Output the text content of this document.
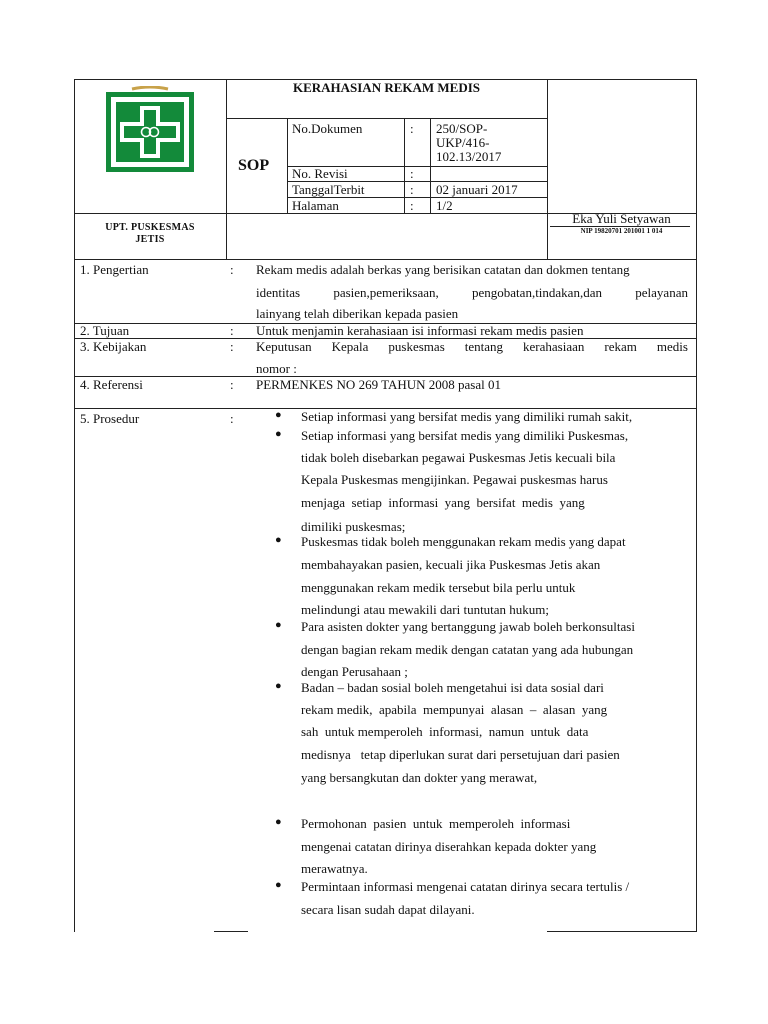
KERAHASIAN REKAM MEDIS
SOP
No.Dokumen	: 250/SOP-
UKP/416-
102.13/2017
No. Revisi	:
TanggalTerbit	: 02 januari 2017
Halaman	: 1/2
UPT. PUSKESMAS
JETIS
Eka Yuli Setyawan
NIP 19820701 201001 1 014
1. Pengertian	: Rekam medis adalah berkas yang berisikan catatan dan dokmen tentang
identitas	pasien,pemeriksaan,	pengobatan,tindakan,dan	pelayanan
lainyang telah diberikan kepada pasien
2. Tujuan	: Untuk menjamin kerahasiaan isi informasi rekam medis pasien
3. Kebijakan	: Keputusan Kepala puskesmas tentang kerahasiaan rekam medis
nomor :
4. Referensi	: PERMENKES NO 269 TAHUN 2008 pasal 01
5. Prosedur	:	● Setiap informasi yang bersifat medis yang dimiliki rumah sakit,
● Setiap informasi yang bersifat medis yang dimiliki Puskesmas,
tidak boleh disebarkan pegawai Puskesmas Jetis kecuali bila
Kepala Puskesmas mengijinkan. Pegawai puskesmas harus
menjaga  setiap  informasi  yang  bersifat  medis  yang
dimiliki puskesmas;
● Puskesmas tidak boleh menggunakan rekam medis yang dapat
membahayakan pasien, kecuali jika Puskesmas Jetis akan
menggunakan rekam medik tersebut bila perlu untuk
melindungi atau mewakili dari tuntutan hukum;
● Para asisten dokter yang bertanggung jawab boleh berkonsultasi
dengan bagian rekam medik dengan catatan yang ada hubungan
dengan Perusahaan ;
● Badan – badan sosial boleh mengetahui isi data sosial dari
rekam medik,  apabila  mempunyai  alasan  –  alasan  yang
sah  untuk memperoleh  informasi,  namun  untuk  data
medisnya   tetap diperlukan surat dari persetujuan dari pasien
yang bersangkutan dan dokter yang merawat,
● Permohonan  pasien  untuk  memperoleh  informasi
mengenai catatan dirinya diserahkan kepada dokter yang
merawatnya.
● Permintaan informasi mengenai catatan dirinya secara tertulis /
secara lisan sudah dapat dilayani.
